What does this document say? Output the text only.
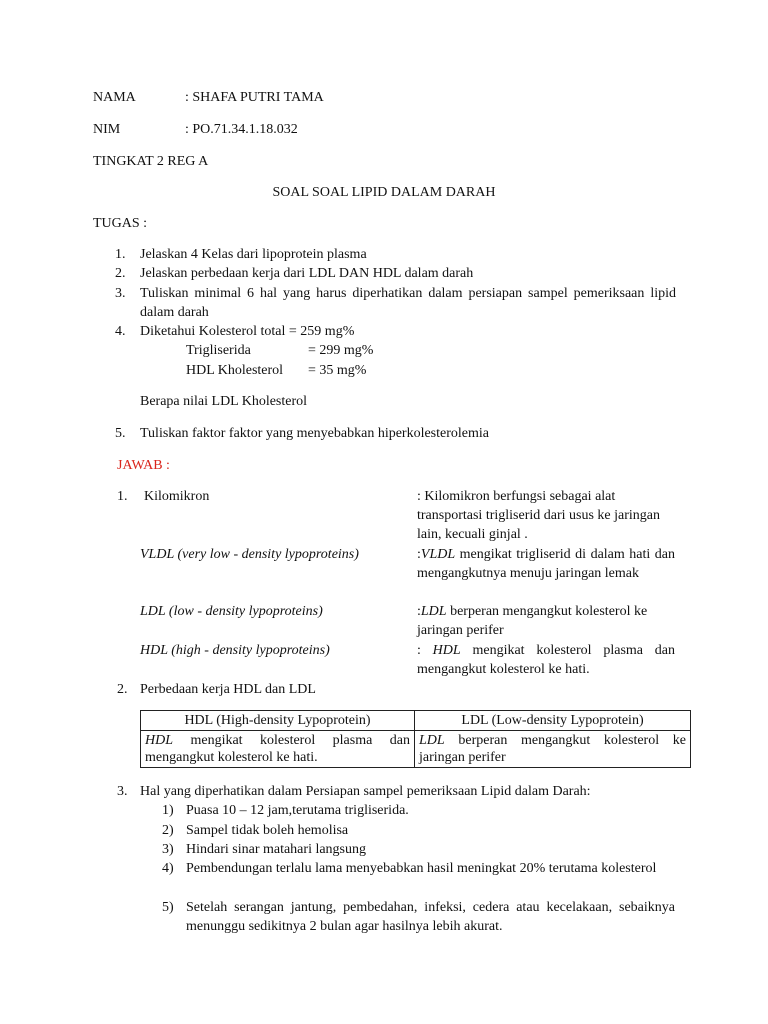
NAMA	: SHAFA PUTRI TAMA
NIM	: PO.71.34.1.18.032
TINGKAT 2 REG A
SOAL SOAL LIPID DALAM DARAH
TUGAS :
1. Jelaskan 4 Kelas dari lipoprotein plasma
2. Jelaskan perbedaan kerja dari LDL DAN HDL dalam darah
3. Tuliskan minimal 6 hal yang harus diperhatikan dalam persiapan sampel pemeriksaan lipid dalam darah
4. Diketahui Kolesterol total = 259 mg%
Trigliserida	= 299 mg%
HDL Kholesterol = 35 mg%
Berapa nilai LDL Kholesterol
5. Tuliskan faktor faktor yang menyebabkan hiperkolesterolemia
JAWAB :
1. Kilomikron	: Kilomikron berfungsi sebagai alat transportasi trigliserid dari usus ke jaringan lain, kecuali ginjal .
VLDL (very low - density lypoproteins)	:VLDL mengikat trigliserid di dalam hati dan mengangkutnya menuju jaringan lemak
LDL (low - density lypoproteins)	:LDL berperan mengangkut kolesterol ke jaringan perifer
HDL (high - density lypoproteins)	: HDL mengikat kolesterol plasma dan mengangkut kolesterol ke hati.
2. Perbedaan kerja HDL dan LDL
HDL (High-density Lypoprotein)	LDL (Low-density Lypoprotein)
HDL mengikat kolesterol plasma dan mengangkut kolesterol ke hati.	LDL berperan mengangkut kolesterol ke jaringan perifer
3. Hal yang diperhatikan dalam Persiapan sampel pemeriksaan Lipid dalam Darah:
1) Puasa 10 – 12 jam,terutama trigliserida.
2) Sampel tidak boleh hemolisa
3) Hindari sinar matahari langsung
4) Pembendungan terlalu lama menyebabkan hasil meningkat 20% terutama kolesterol
5) Setelah serangan jantung, pembedahan, infeksi, cedera atau kecelakaan, sebaiknya menunggu sedikitnya 2 bulan agar hasilnya lebih akurat.
